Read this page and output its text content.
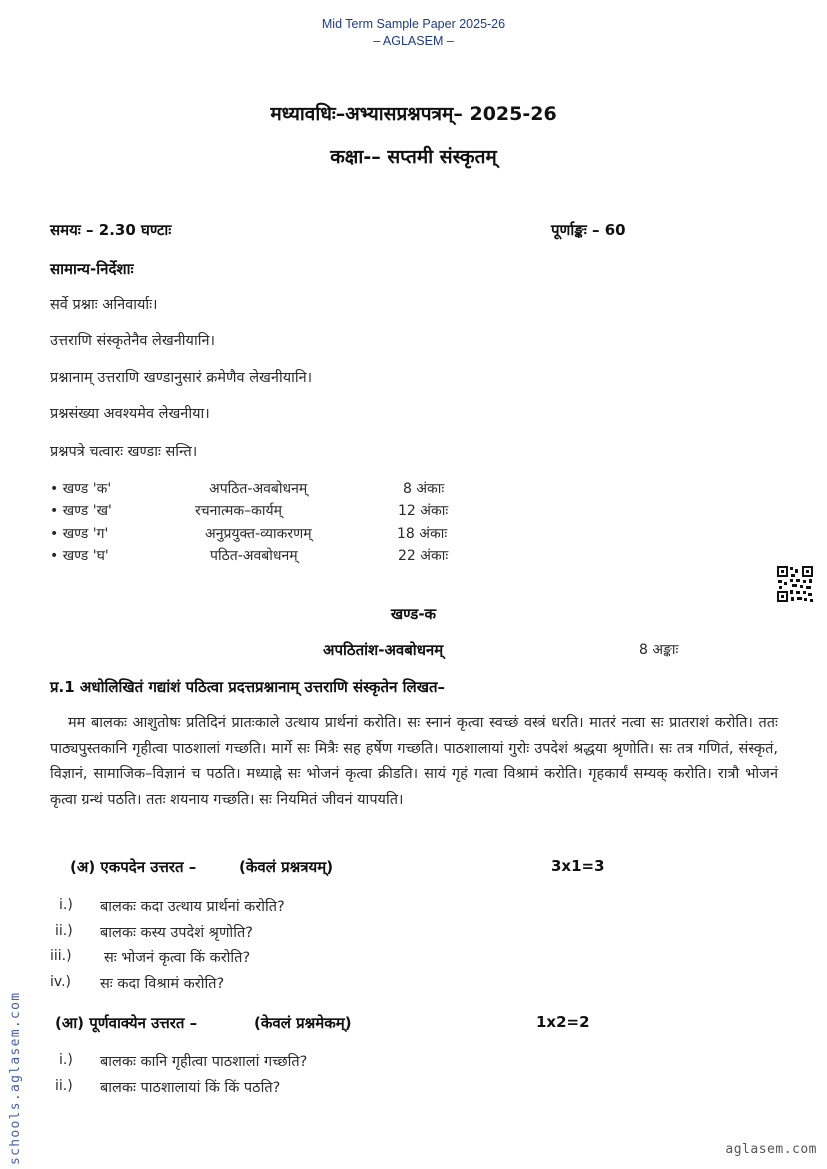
Mid Term Sample Paper 2025-26
– AGLASEM –
मध्यावधिः–अभ्यासप्रश्नपत्रम्– 2025-26
कक्षा-– सप्तमी संस्कृतम्
समयः – 2.30 घण्टाः	पूर्णाङ्कः – 60
सामान्य-निर्देशाः
सर्वे प्रश्नाः अनिवार्याः।
उत्तराणि संस्कृतेनैव लेखनीयानि।
प्रश्नानाम् उत्तराणि खण्डानुसारं क्रमेणैव लेखनीयानि।
प्रश्नसंख्या अवश्यमेव लेखनीया।
प्रश्नपत्रे चत्वारः खण्डाः सन्ति।
• खण्ड 'क'	अपठित-अवबोधनम्	8 अंकाः
• खण्ड 'ख'	रचनात्मक–कार्यम्	12 अंकाः
• खण्ड 'ग'	अनुप्रयुक्त-व्याकरणम्	18 अंकाः
• खण्ड 'घ'	पठित-अवबोधनम्	22 अंकाः
खण्ड-क
अपठितांश-अवबोधनम्	8 अङ्काः
प्र.1 अधोलिखितं गद्यांशं पठित्वा प्रदत्तप्रश्नानाम् उत्तराणि संस्कृतेन लिखत–
मम बालकः आशुतोषः प्रतिदिनं प्रातःकाले उत्थाय प्रार्थनां करोति। सः स्नानं कृत्वा स्वच्छं वस्त्रं धरति। मातरं नत्वा सः प्रातराशं करोति। ततः पाठ्यपुस्तकानि गृहीत्वा पाठशालां गच्छति। मार्गे सः मित्रैः सह हर्षेण गच्छति। पाठशालायां गुरोः उपदेशं श्रद्धया श्रृणोति। सः तत्र गणितं, संस्कृतं, विज्ञानं, सामाजिक–विज्ञानं च पठति। मध्याह्ने सः भोजनं कृत्वा क्रीडति। सायं गृहं गत्वा विश्रामं करोति। गृहकार्यं सम्यक् करोति। रात्रौ भोजनं कृत्वा ग्रन्थं पठति। ततः शयनाय गच्छति। सः नियमितं जीवनं यापयति।
(अ) एकपदेन उत्तरत –	(केवलं प्रश्नत्रयम्)	3x1=3
i.) बालकः कदा उत्थाय प्रार्थनां करोति?
ii.) बालकः कस्य उपदेशं श्रृणोति?
iii.) सः भोजनं कृत्वा किं करोति?
iv.) सः कदा विश्रामं करोति?
(आ) पूर्णवाक्येन उत्तरत –	(केवलं प्रश्नमेकम्)	1x2=2
i.) बालकः कानि गृहीत्वा पाठशालां गच्छति?
ii.) बालकः पाठशालायां किं किं पठति?
schools.aglasem.com	aglasem.com
